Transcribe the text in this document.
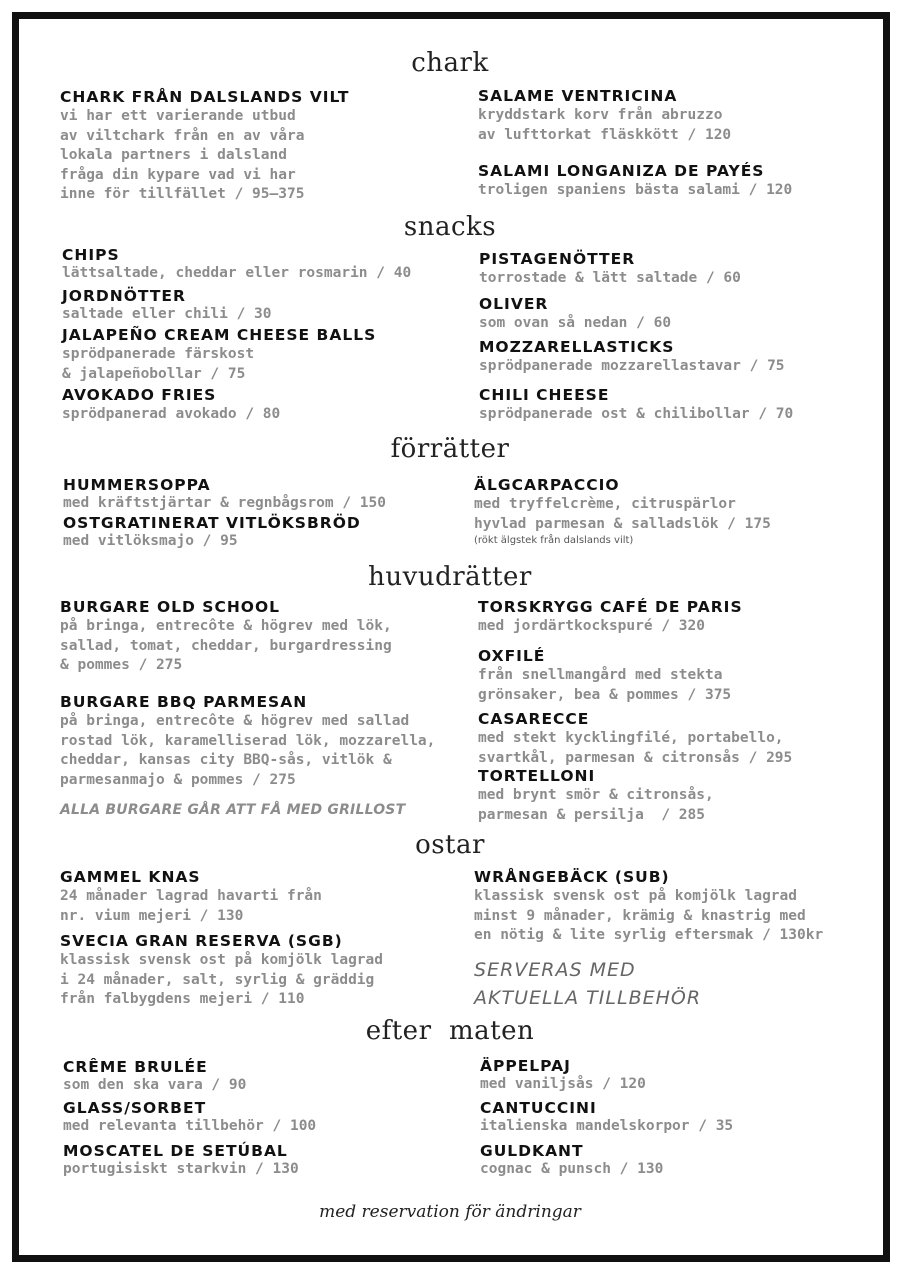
chark
CHARK FRÅN DALSLANDS VILT
vi har ett varierande utbud
av viltchark från en av våra
lokala partners i dalsland
fråga din kypare vad vi har
inne för tillfället / 95—375
SALAME VENTRICINA
kryddstark korv från abruzzo
av lufttorkat fläskkött / 120
SALAMI LONGANIZA DE PAYÉS
troligen spaniens bästa salami / 120
snacks
CHIPS
lättsaltade, cheddar eller rosmarin / 40
JORDNÖTTER
saltade eller chili / 30
JALAPEÑO CREAM CHEESE BALLS
sprödpanerade färskost
& jalapeñobollar / 75
AVOKADO FRIES
sprödpanerad avokado / 80
PISTAGENÖTTER
torrostade & lätt saltade / 60
OLIVER
som ovan så nedan / 60
MOZZARELLASTICKS
sprödpanerade mozzarellastavar / 75
CHILI CHEESE
sprödpanerade ost & chilibollar / 70
förrätter
HUMMERSOPPA
med kräftstjärtar & regnbågsrom / 150
OSTGRATINERAT VITLÖKSBRÖD
med vitlöksmajo / 95
ÄLGCARPACCIO
med tryffelcrème, citruspärlor
hyvlad parmesan & salladslök / 175
(rökt älgstek från dalslands vilt)
huvudrätter
BURGARE OLD SCHOOL
på bringa, entrecôte & högrev med lök,
sallad, tomat, cheddar, burgardressing
& pommes / 275
BURGARE BBQ PARMESAN
på bringa, entrecôte & högrev med sallad
rostad lök, karamelliserad lök, mozzarella,
cheddar, kansas city BBQ-sås, vitlök &
parmesanmajo & pommes / 275
ALLA BURGARE GÅR ATT FÅ MED GRILLOST
TORSKRYGG CAFÉ DE PARIS
med jordärtkockspuré / 320
OXFILÉ
från snellmangård med stekta
grönsaker, bea & pommes / 375
CASARECCE
med stekt kycklingfilé, portabello,
svartkål, parmesan & citronsås / 295
TORTELLONI
med brynt smör & citronsås,
parmesan & persilja  / 285
ostar
GAMMEL KNAS
24 månader lagrad havarti från
nr. vium mejeri / 130
SVECIA GRAN RESERVA (SGB)
klassisk svensk ost på komjölk lagrad
i 24 månader, salt, syrlig & gräddig
från falbygdens mejeri / 110
WRÅNGEBÄCK (SUB)
klassisk svensk ost på komjölk lagrad
minst 9 månader, krämig & knastrig med
en nötig & lite syrlig eftersmak / 130kr
SERVERAS MED
AKTUELLA TILLBEHÖR
efter  maten
CRÊME BRULÉE
som den ska vara / 90
GLASS/SORBET
med relevanta tillbehör / 100
MOSCATEL DE SETÚBAL
portugisiskt starkvin / 130
ÄPPELPAJ
med vaniljsås / 120
CANTUCCINI
italienska mandelskorpor / 35
GULDKANT
cognac & punsch / 130
med reservation för ändringar
